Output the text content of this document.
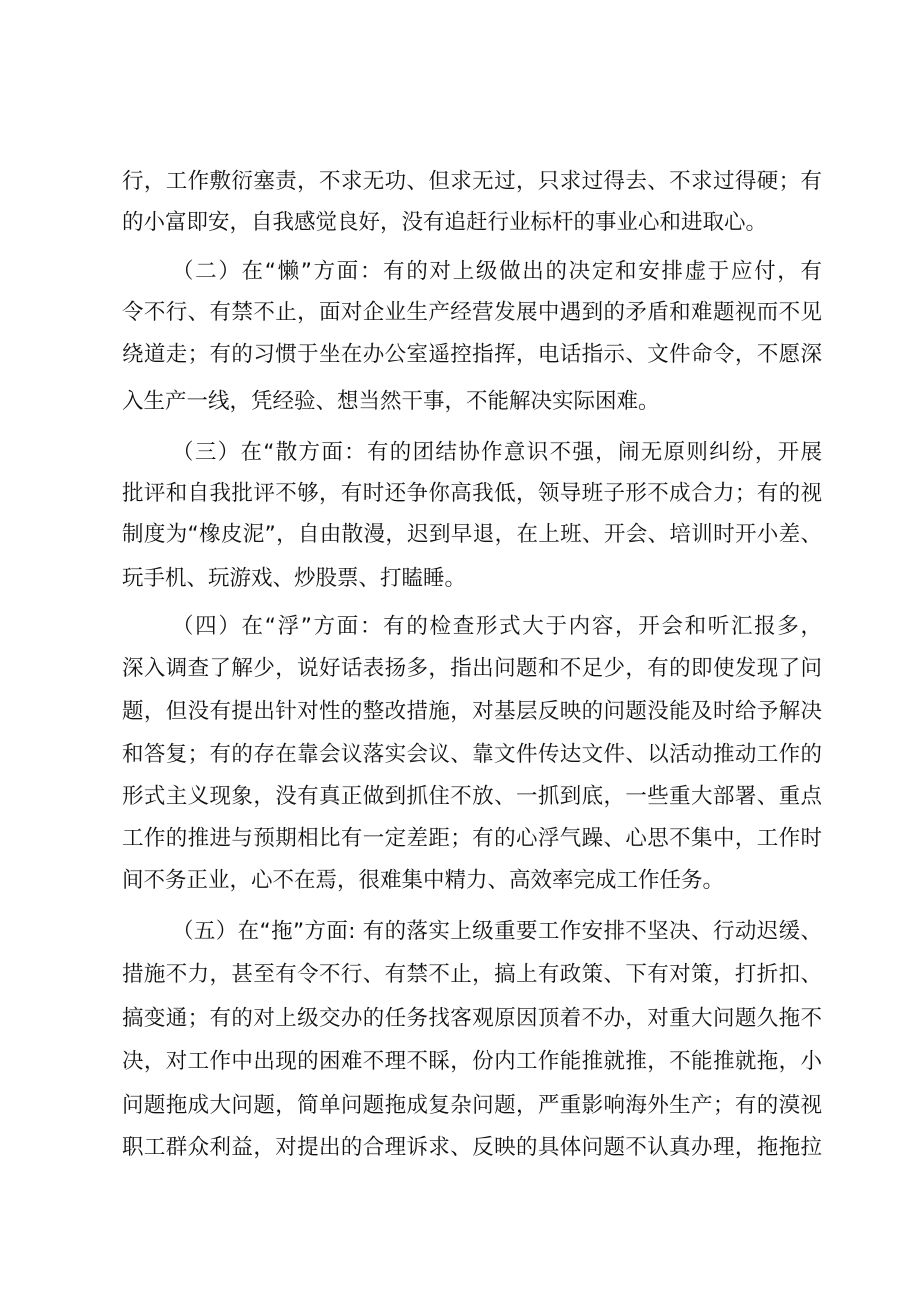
行，工作敷衍塞责，不求无功、但求无过，只求过得去、不求过得硬；有
的小富即安，自我感觉良好，没有追赶行业标杆的事业心和进取心。
（二）在“懒”方面：有的对上级做出的决定和安排虚于应付，有
令不行、有禁不止，面对企业生产经营发展中遇到的矛盾和难题视而不见
绕道走；有的习惯于坐在办公室遥控指挥，电话指示、文件命令，不愿深
入生产一线，凭经验、想当然干事，不能解决实际困难。
（三）在“散方面：有的团结协作意识不强，闹无原则纠纷，开展
批评和自我批评不够，有时还争你高我低，领导班子形不成合力；有的视
制度为“橡皮泥”，自由散漫，迟到早退，在上班、开会、培训时开小差、
玩手机、玩游戏、炒股票、打瞌睡。
（四）在“浮”方面：有的检查形式大于内容，开会和听汇报多，
深入调查了解少，说好话表扬多，指出问题和不足少，有的即使发现了问
题，但没有提出针对性的整改措施，对基层反映的问题没能及时给予解决
和答复；有的存在靠会议落实会议、靠文件传达文件、以活动推动工作的
形式主义现象，没有真正做到抓住不放、一抓到底，一些重大部署、重点
工作的推进与预期相比有一定差距；有的心浮气躁、心思不集中，工作时
间不务正业，心不在焉，很难集中精力、高效率完成工作任务。
（五）在“拖”方面: 有的落实上级重要工作安排不坚决、行动迟缓、
措施不力，甚至有令不行、有禁不止，搞上有政策、下有对策，打折扣、
搞变通；有的对上级交办的任务找客观原因顶着不办，对重大问题久拖不
决，对工作中出现的困难不理不睬，份内工作能推就推，不能推就拖，小
问题拖成大问题，简单问题拖成复杂问题，严重影响海外生产；有的漠视
职工群众利益，对提出的合理诉求、反映的具体问题不认真办理，拖拖拉
